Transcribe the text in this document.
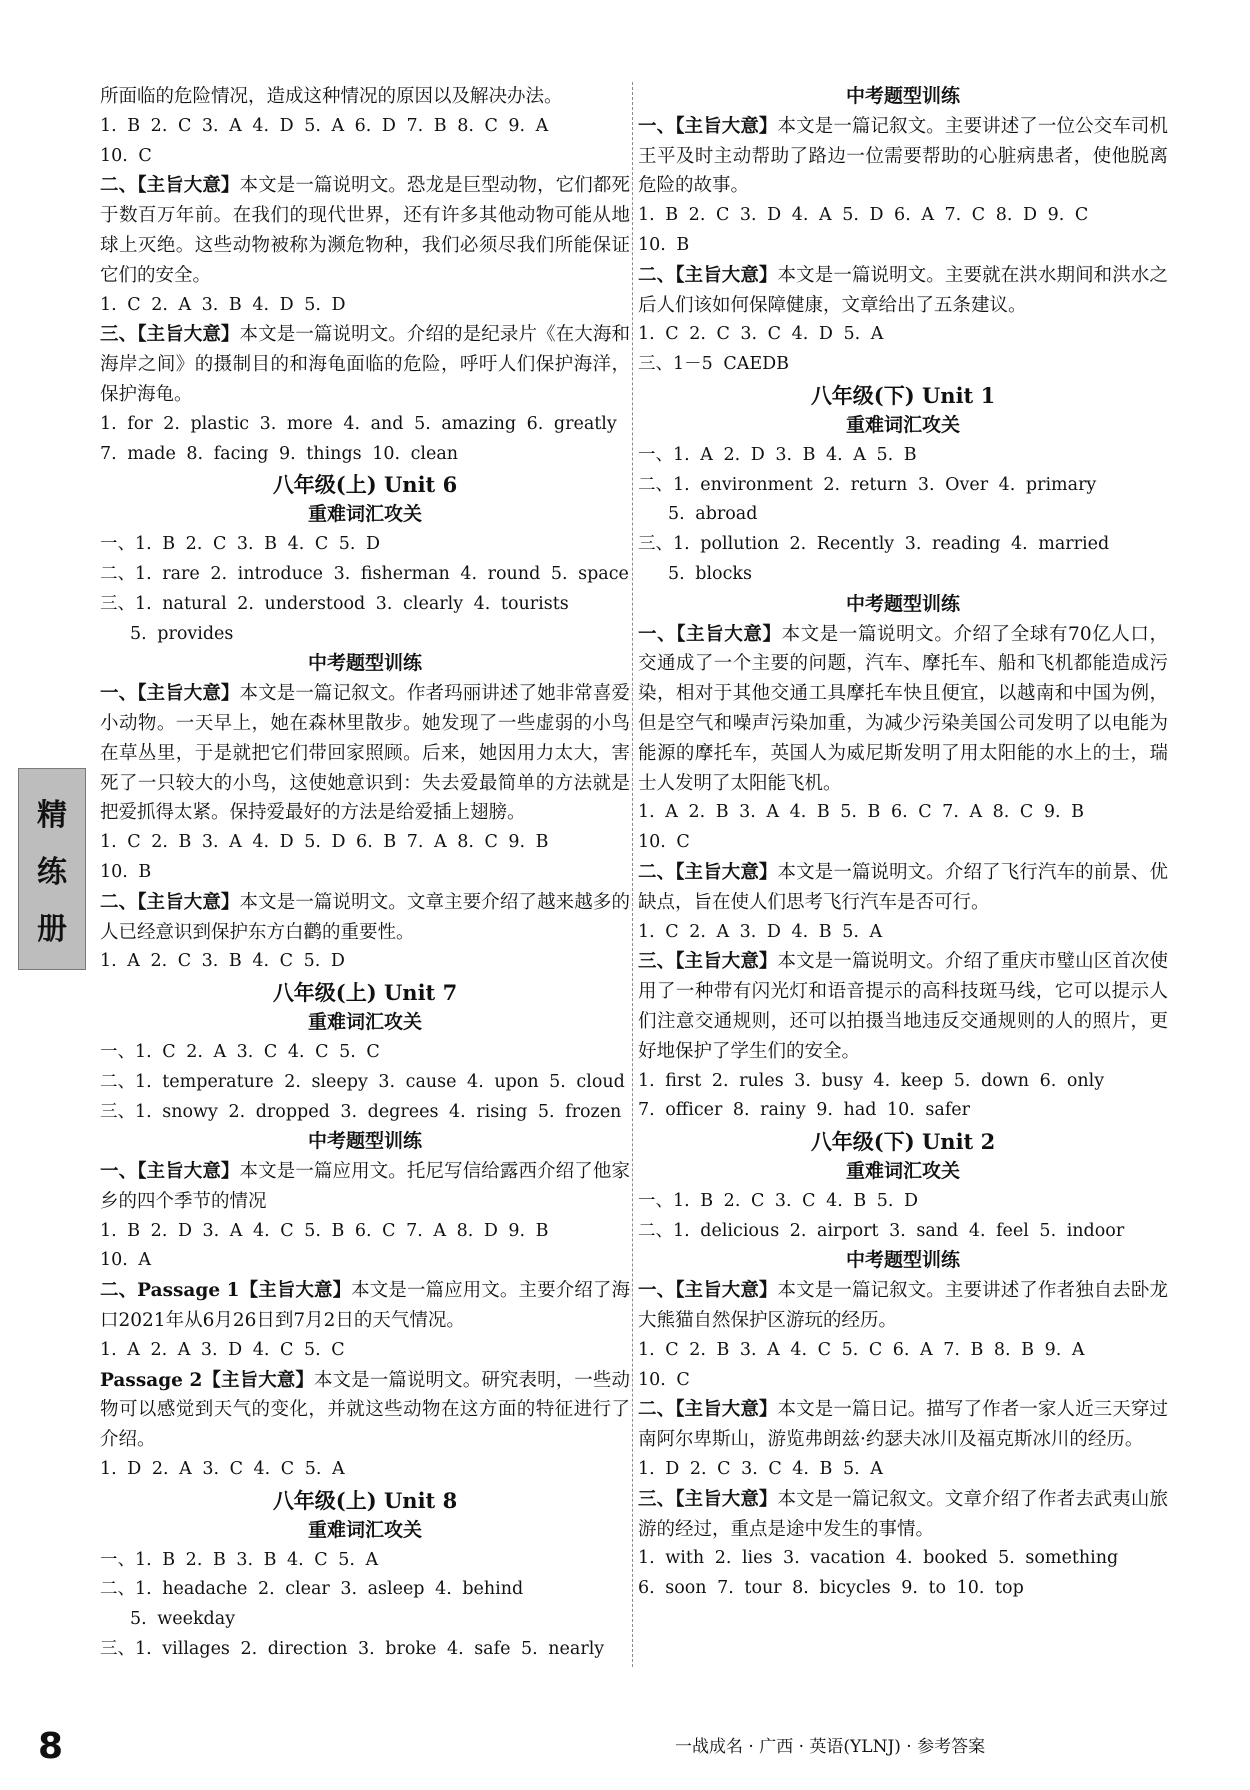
精
练
册

所面临的危险情况，造成这种情况的原因以及解决办法。

1. B 2. C 3. A 4. D 5. A 6. D 7. B 8. C 9. A

10. C

二、【主旨大意】本文是一篇说明文。恐龙是巨型动物，它们都死于数百万年前。在我们的现代世界，还有许多其他动物可能从地球上灭绝。这些动物被称为濒危物种，我们必须尽我们所能保证它们的安全。

1. C 2. A 3. B 4. D 5. D

三、【主旨大意】本文是一篇说明文。介绍的是纪录片《在大海和海岸之间》的摄制目的和海龟面临的危险，呼吁人们保护海洋，保护海龟。

1. for 2. plastic 3. more 4. and 5. amazing 6. greatly

7. made 8. facing 9. things 10. clean

八年级(上) Unit 6

重难词汇攻关

一、1. B 2. C 3. B 4. C 5. D

二、1. rare 2. introduce 3. fisherman 4. round 5. space

三、1. natural 2. understood 3. clearly 4. tourists

5. provides

中考题型训练

一、【主旨大意】本文是一篇记叙文。作者玛丽讲述了她非常喜爱小动物。一天早上，她在森林里散步。她发现了一些虚弱的小鸟在草丛里，于是就把它们带回家照顾。后来，她因用力太大，害死了一只较大的小鸟，这使她意识到：失去爱最简单的方法就是把爱抓得太紧。保持爱最好的方法是给爱插上翅膀。

1. C 2. B 3. A 4. D 5. D 6. B 7. A 8. C 9. B

10. B

二、【主旨大意】本文是一篇说明文。文章主要介绍了越来越多的人已经意识到保护东方白鹳的重要性。

1. A 2. C 3. B 4. C 5. D

八年级(上) Unit 7

重难词汇攻关

一、1. C 2. A 3. C 4. C 5. C

二、1. temperature 2. sleepy 3. cause 4. upon 5. cloud

三、1. snowy 2. dropped 3. degrees 4. rising 5. frozen

中考题型训练

一、【主旨大意】本文是一篇应用文。托尼写信给露西介绍了他家乡的四个季节的情况

1. B 2. D 3. A 4. C 5. B 6. C 7. A 8. D 9. B

10. A

二、Passage 1【主旨大意】本文是一篇应用文。主要介绍了海口2021年从6月26日到7月2日的天气情况。

1. A 2. A 3. D 4. C 5. C

Passage 2【主旨大意】本文是一篇说明文。研究表明，一些动物可以感觉到天气的变化，并就这些动物在这方面的特征进行了介绍。

1. D 2. A 3. C 4. C 5. A

八年级(上) Unit 8

重难词汇攻关

一、1. B 2. B 3. B 4. C 5. A

二、1. headache 2. clear 3. asleep 4. behind

5. weekday

三、1. villages 2. direction 3. broke 4. safe 5. nearly

中考题型训练

一、【主旨大意】本文是一篇记叙文。主要讲述了一位公交车司机王平及时主动帮助了路边一位需要帮助的心脏病患者，使他脱离危险的故事。

1. B 2. C 3. D 4. A 5. D 6. A 7. C 8. D 9. C

10. B

二、【主旨大意】本文是一篇说明文。主要就在洪水期间和洪水之后人们该如何保障健康，文章给出了五条建议。

1. C 2. C 3. C 4. D 5. A

三、1－5 CAEDB

八年级(下) Unit 1

重难词汇攻关

一、1. A 2. D 3. B 4. A 5. B

二、1. environment 2. return 3. Over 4. primary

5. abroad

三、1. pollution 2. Recently 3. reading 4. married

5. blocks

中考题型训练

一、【主旨大意】本文是一篇说明文。介绍了全球有70亿人口，交通成了一个主要的问题，汽车、摩托车、船和飞机都能造成污染，相对于其他交通工具摩托车快且便宜，以越南和中国为例，但是空气和噪声污染加重，为减少污染美国公司发明了以电能为能源的摩托车，英国人为威尼斯发明了用太阳能的水上的士，瑞士人发明了太阳能飞机。

1. A 2. B 3. A 4. B 5. B 6. C 7. A 8. C 9. B

10. C

二、【主旨大意】本文是一篇说明文。介绍了飞行汽车的前景、优缺点，旨在使人们思考飞行汽车是否可行。

1. C 2. A 3. D 4. B 5. A

三、【主旨大意】本文是一篇说明文。介绍了重庆市璧山区首次使用了一种带有闪光灯和语音提示的高科技斑马线，它可以提示人们注意交通规则，还可以拍摄当地违反交通规则的人的照片，更好地保护了学生们的安全。

1. first 2. rules 3. busy 4. keep 5. down 6. only

7. officer 8. rainy 9. had 10. safer

八年级(下) Unit 2

重难词汇攻关

一、1. B 2. C 3. C 4. B 5. D

二、1. delicious 2. airport 3. sand 4. feel 5. indoor

中考题型训练

一、【主旨大意】本文是一篇记叙文。主要讲述了作者独自去卧龙大熊猫自然保护区游玩的经历。

1. C 2. B 3. A 4. C 5. C 6. A 7. B 8. B 9. A

10. C

二、【主旨大意】本文是一篇日记。描写了作者一家人近三天穿过南阿尔卑斯山，游览弗朗兹·约瑟夫冰川及福克斯冰川的经历。

1. D 2. C 3. C 4. B 5. A

三、【主旨大意】本文是一篇记叙文。文章介绍了作者去武夷山旅游的经过，重点是途中发生的事情。

1. with 2. lies 3. vacation 4. booked 5. something

6. soon 7. tour 8. bicycles 9. to 10. top

8	一战成名 · 广西 · 英语(YLNJ) · 参考答案
